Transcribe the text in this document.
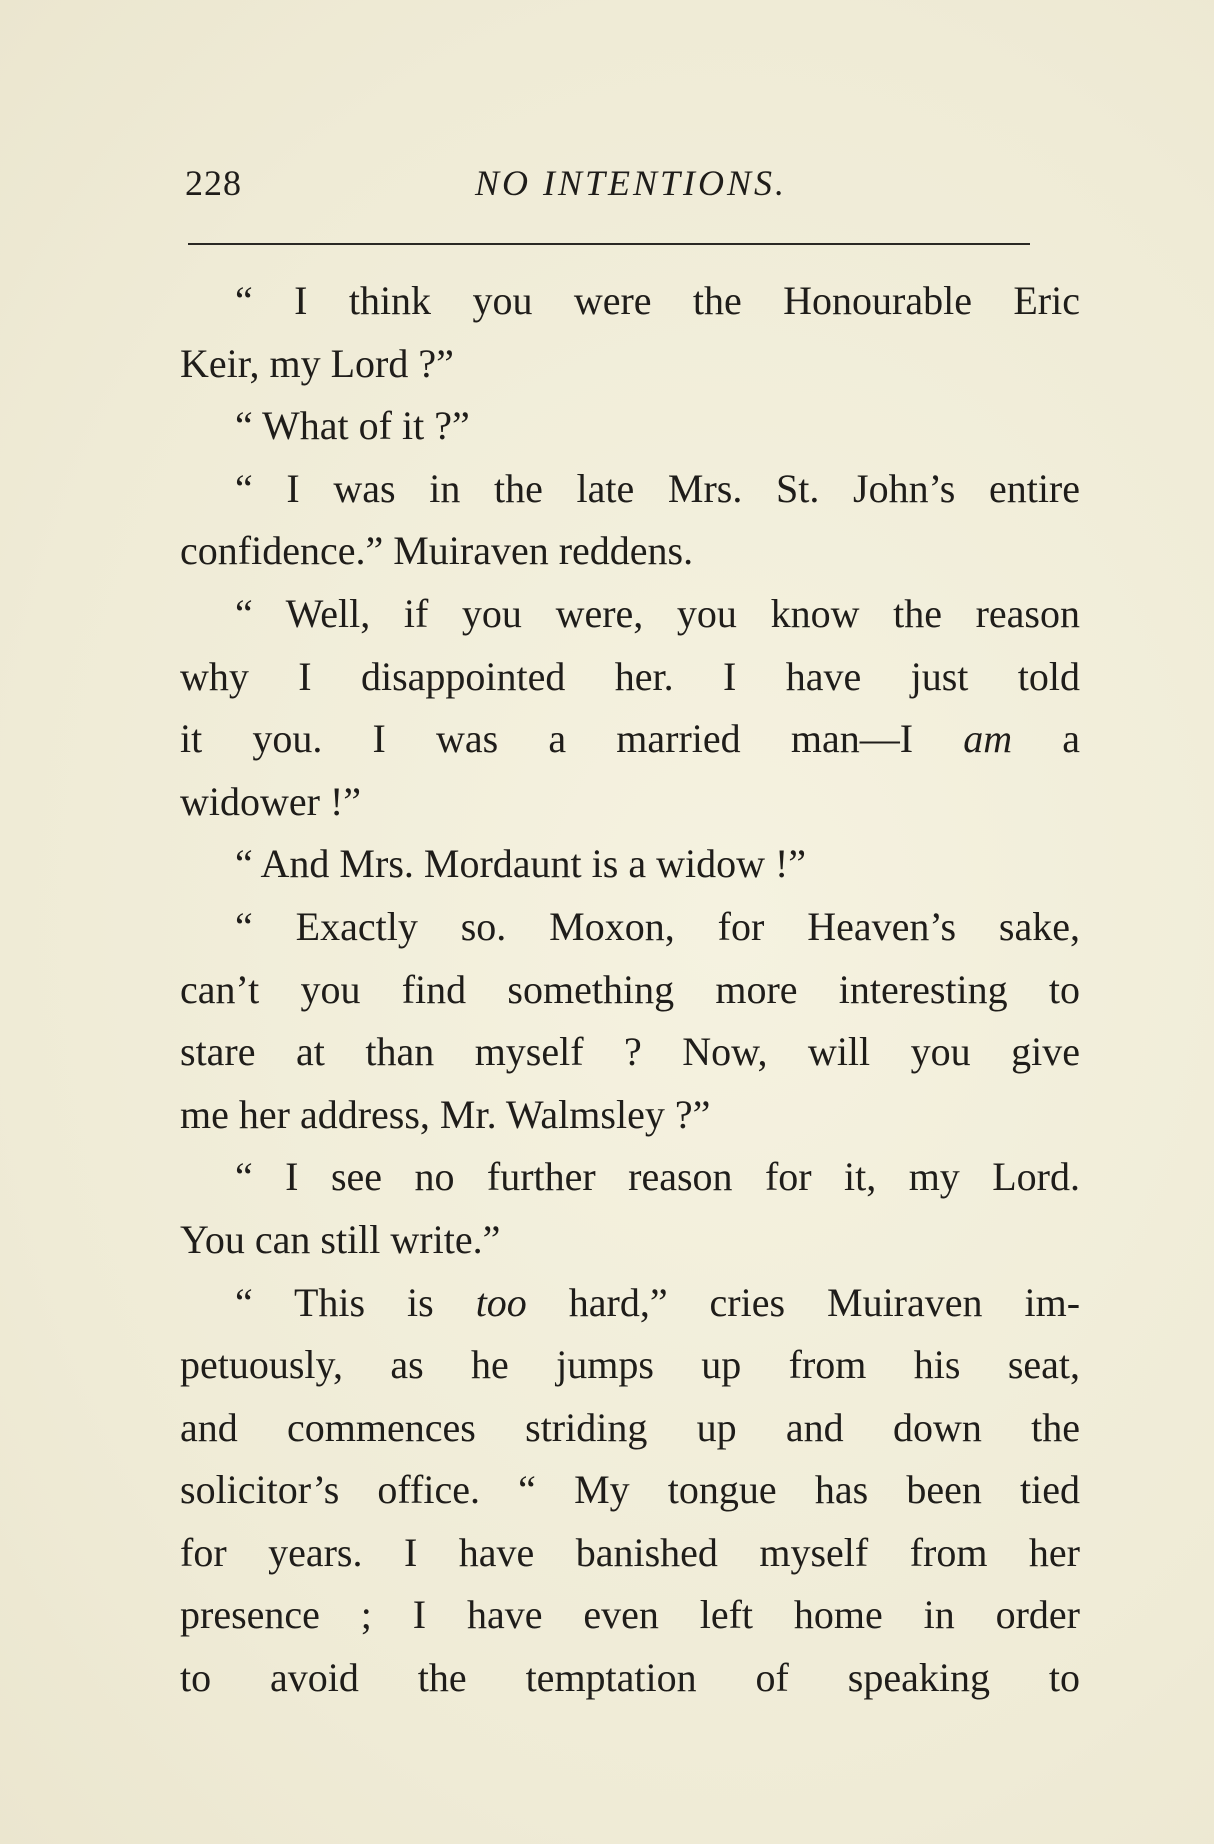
228	NO INTENTIONS.
“ I think you were the Honourable Eric
Keir, my Lord ?”
“ What of it ?”
“ I was in the late Mrs. St. John’s entire
confidence.” Muiraven reddens.
“ Well, if you were, you know the reason
why I disappointed her. I have just told
it you. I was a married man—I am a
widower !”
“ And Mrs. Mordaunt is a widow !”
“ Exactly so. Moxon, for Heaven’s sake,
can’t you find something more interesting to
stare at than myself ? Now, will you give
me her address, Mr. Walmsley ?”
“ I see no further reason for it, my Lord.
You can still write.”
“ This is too hard,” cries Muiraven im-
petuously, as he jumps up from his seat,
and commences striding up and down the
solicitor’s office. “ My tongue has been tied
for years. I have banished myself from her
presence ; I have even left home in order
to avoid the temptation of speaking to
